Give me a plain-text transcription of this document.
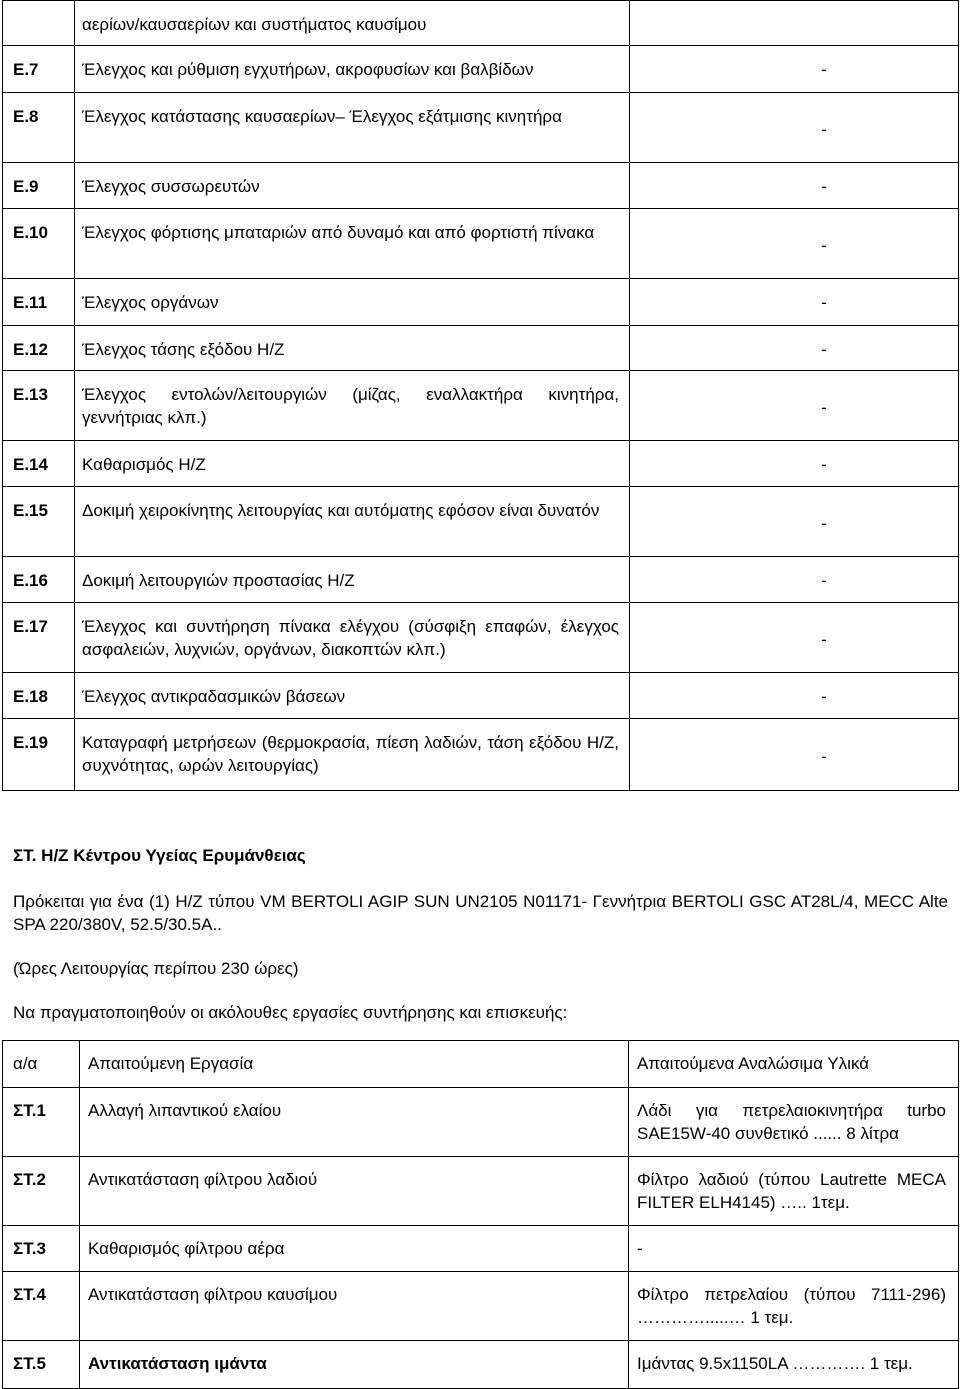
	αερίων/καυσαερίων και συστήματος καυσίμου	
Ε.7	Έλεγχος και ρύθμιση εγχυτήρων, ακροφυσίων και βαλβίδων	-
Ε.8	Έλεγχος κατάστασης καυσαερίων– Έλεγχος εξάτμισης κινητήρα	-
Ε.9	Έλεγχος συσσωρευτών	-
Ε.10	Έλεγχος φόρτισης μπαταριών από δυναμό και από φορτιστή πίνακα	-
Ε.11	Έλεγχος οργάνων	-
Ε.12	Έλεγχος τάσης εξόδου Η/Ζ	-
Ε.13	Έλεγχος εντολών/λειτουργιών (μίζας, εναλλακτήρα κινητήρα, γεννήτριας κλπ.)	-
Ε.14	Καθαρισμός Η/Ζ	-
Ε.15	Δοκιμή χειροκίνητης λειτουργίας και αυτόματης εφόσον είναι δυνατόν	-
Ε.16	Δοκιμή λειτουργιών προστασίας Η/Ζ	-
Ε.17	Έλεγχος και συντήρηση πίνακα ελέγχου (σύσφιξη επαφών, έλεγχος ασφαλειών, λυχνιών, οργάνων, διακοπτών κλπ.)	-
Ε.18	Έλεγχος αντικραδασμικών βάσεων	-
Ε.19	Καταγραφή μετρήσεων (θερμοκρασία, πίεση λαδιών, τάση εξόδου Η/Ζ, συχνότητας, ωρών λειτουργίας)	-
ΣΤ. Η/Ζ Κέντρου Υγείας Ερυμάνθειας
Πρόκειται για ένα (1) Η/Ζ τύπου VM BERTOLI AGIP SUN UN2105 N01171- Γεννήτρια BERTOLI GSC AT28L/4, MECC Alte SPA 220/380V, 52.5/30.5A..
(Ώρες Λειτουργίας περίπου 230 ώρες)
Να πραγματοποιηθούν οι ακόλουθες εργασίες συντήρησης και επισκευής:
α/α	Απαιτούμενη Εργασία	Απαιτούμενα Αναλώσιμα Υλικά
ΣΤ.1	Αλλαγή λιπαντικού ελαίου	Λάδι για πετρελαιοκινητήρα turbo SAE15W-40 συνθετικό ...... 8 λίτρα
ΣΤ.2	Αντικατάσταση φίλτρου λαδιού	Φίλτρο λαδιού (τύπου Lautrette MECA FILTER ELH4145) ….. 1τεμ.
ΣΤ.3	Καθαρισμός φίλτρου αέρα	-
ΣΤ.4	Αντικατάσταση φίλτρου καυσίμου	Φίλτρο πετρελαίου (τύπου 7111-296) ………….....… 1 τεμ.
ΣΤ.5	Αντικατάσταση ιμάντα	Ιμάντας 9.5x1150LA …………. 1 τεμ.
